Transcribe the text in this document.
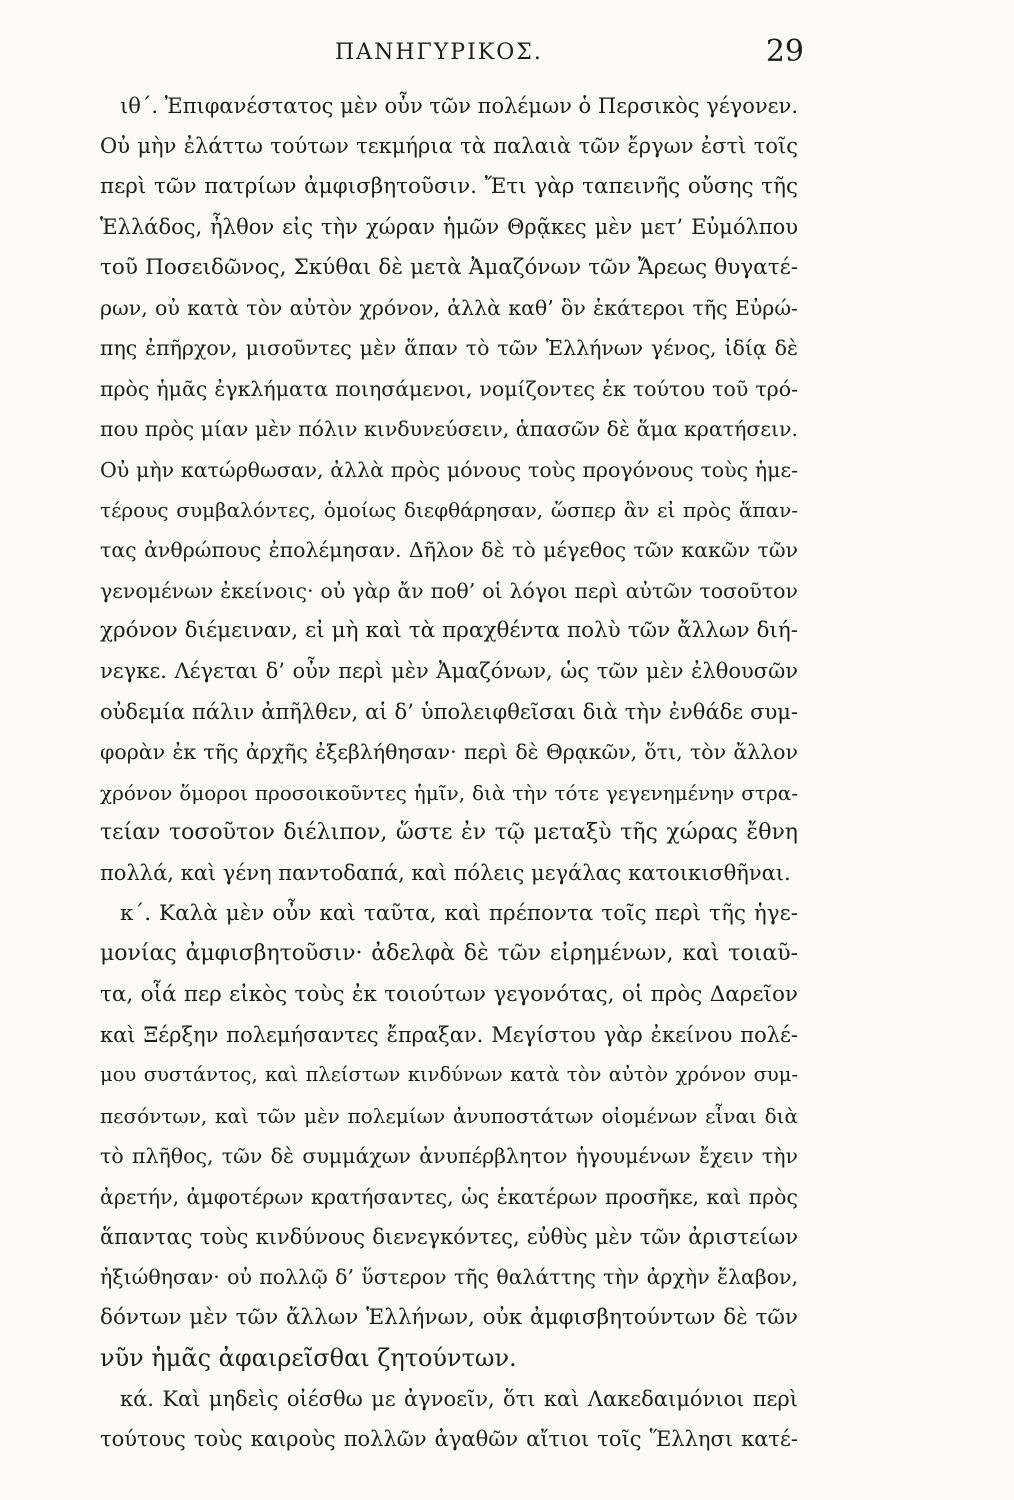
ΠΑΝΗΓΥΡΙΚΟΣ.	29
ιθ΄. Ἐπιφανέστατος μὲν οὖν τῶν πολέμων ὁ Περσικὸς γέγονεν.
Οὐ μὴν ἐλάττω τούτων τεκμήρια τὰ παλαιὰ τῶν ἔργων ἐστὶ τοῖς
περὶ τῶν πατρίων ἀμφισβητοῦσιν. Ἔτι γὰρ ταπεινῆς οὔσης τῆς
Ἑλλάδος, ἦλθον εἰς τὴν χώραν ἡμῶν Θρᾷκες μὲν μετ’ Εὐμόλπου
τοῦ Ποσειδῶνος, Σκύθαι δὲ μετὰ Ἀμαζόνων τῶν Ἄρεως θυγατέ-
ρων, οὐ κατὰ τὸν αὐτὸν χρόνον, ἀλλὰ καθ’ ὃν ἑκάτεροι τῆς Εὐρώ-
πης ἐπῆρχον, μισοῦντες μὲν ἅπαν τὸ τῶν Ἑλλήνων γένος, ἰδίᾳ δὲ
πρὸς ἡμᾶς ἐγκλήματα ποιησάμενοι, νομίζοντες ἐκ τούτου τοῦ τρό-
που πρὸς μίαν μὲν πόλιν κινδυνεύσειν, ἁπασῶν δὲ ἅμα κρατήσειν.
Οὐ μὴν κατώρθωσαν, ἀλλὰ πρὸς μόνους τοὺς προγόνους τοὺς ἡμε-
τέρους συμβαλόντες, ὁμοίως διεφθάρησαν, ὥσπερ ἂν εἰ πρὸς ἅπαν-
τας ἀνθρώπους ἐπολέμησαν. Δῆλον δὲ τὸ μέγεθος τῶν κακῶν τῶν
γενομένων ἐκείνοις· οὐ γὰρ ἄν ποθ’ οἱ λόγοι περὶ αὐτῶν τοσοῦτον
χρόνον διέμειναν, εἰ μὴ καὶ τὰ πραχθέντα πολὺ τῶν ἄλλων διή-
νεγκε. Λέγεται δ’ οὖν περὶ μὲν Ἀμαζόνων, ὡς τῶν μὲν ἐλθουσῶν
οὐδεμία πάλιν ἀπῆλθεν, αἱ δ’ ὑπολειφθεῖσαι διὰ τὴν ἐνθάδε συμ-
φορὰν ἐκ τῆς ἀρχῆς ἐξεβλήθησαν· περὶ δὲ Θρᾳκῶν, ὅτι, τὸν ἄλλον
χρόνον ὅμοροι προσοικοῦντες ἡμῖν, διὰ τὴν τότε γεγενημένην στρα-
τείαν τοσοῦτον διέλιπον, ὥστε ἐν τῷ μεταξὺ τῆς χώρας ἔθνη
πολλά, καὶ γένη παντοδαπά, καὶ πόλεις μεγάλας κατοικισθῆναι.
κ΄. Καλὰ μὲν οὖν καὶ ταῦτα, καὶ πρέποντα τοῖς περὶ τῆς ἡγε-
μονίας ἀμφισβητοῦσιν· ἀδελφὰ δὲ τῶν εἰρημένων, καὶ τοιαῦ-
τα, οἷά περ εἰκὸς τοὺς ἐκ τοιούτων γεγονότας, οἱ πρὸς Δαρεῖον
καὶ Ξέρξην πολεμήσαντες ἔπραξαν. Μεγίστου γὰρ ἐκείνου πολέ-
μου συστάντος, καὶ πλείστων κινδύνων κατὰ τὸν αὐτὸν χρόνον συμ-
πεσόντων, καὶ τῶν μὲν πολεμίων ἀνυποστάτων οἰομένων εἶναι διὰ
τὸ πλῆθος, τῶν δὲ συμμάχων ἀνυπέρβλητον ἡγουμένων ἔχειν τὴν
ἀρετήν, ἀμφοτέρων κρατήσαντες, ὡς ἑκατέρων προσῆκε, καὶ πρὸς
ἅπαντας τοὺς κινδύνους διενεγκόντες, εὐθὺς μὲν τῶν ἀριστείων
ἠξιώθησαν· οὐ πολλῷ δ’ ὕστερον τῆς θαλάττης τὴν ἀρχὴν ἔλαβον,
δόντων μὲν τῶν ἄλλων Ἑλλήνων, οὐκ ἀμφισβητούντων δὲ τῶν
νῦν ἡμᾶς ἀφαιρεῖσθαι ζητούντων.
κά. Καὶ μηδεὶς οἰέσθω με ἀγνοεῖν, ὅτι καὶ Λακεδαιμόνιοι περὶ
τούτους τοὺς καιροὺς πολλῶν ἀγαθῶν αἴτιοι τοῖς Ἕλλησι κατέ-
